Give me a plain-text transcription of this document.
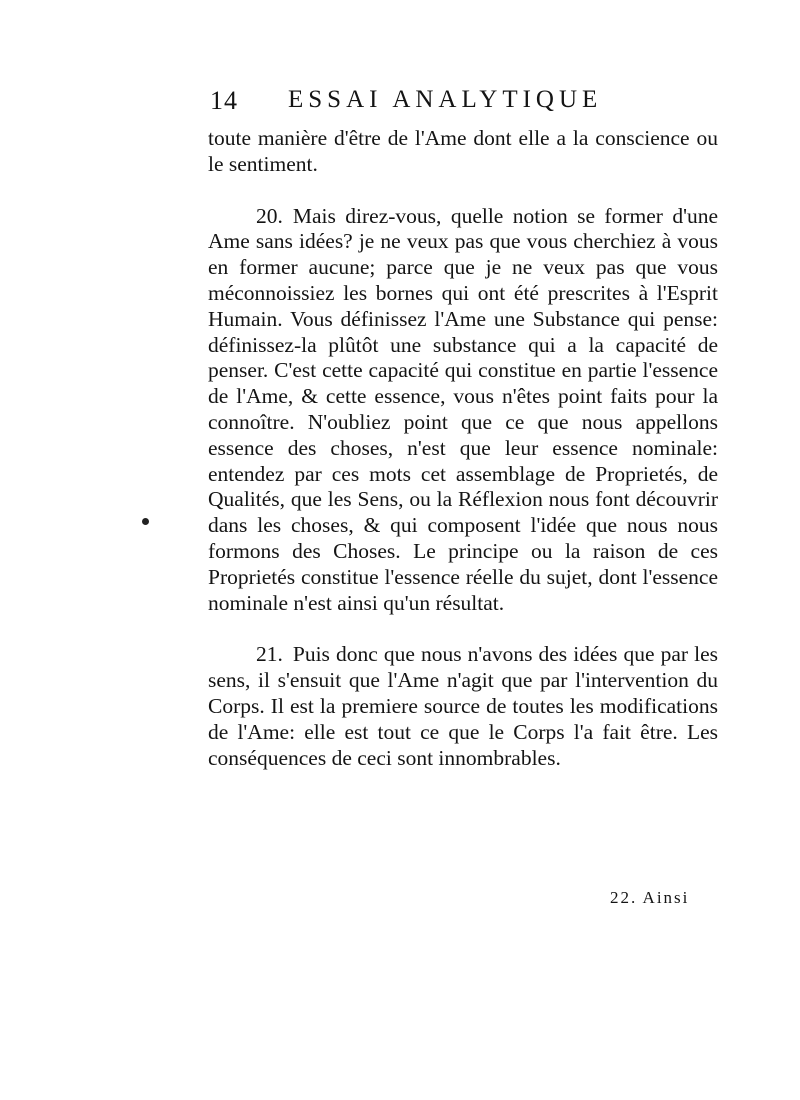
14 ESSAI ANALYTIQUE

toute manière d'être de l'Ame dont elle a la conscience ou le sentiment.

20. Mais direz-vous, quelle notion se former d'une Ame sans idées? je ne veux pas que vous cherchiez à vous en former aucune; parce que je ne veux pas que vous méconnoissiez les bornes qui ont été prescrites à l'Esprit Humain. Vous définissez l'Ame une Substance qui pense: définissez-la plûtôt une substance qui a la capacité de penser. C'est cette capacité qui constitue en partie l'essence de l'Ame, & cette essence, vous n'êtes point faits pour la connoître. N'oubliez point que ce que nous appellons essence des choses, n'est que leur essence nominale: entendez par ces mots cet assemblage de Proprietés, de Qualités, que les Sens, ou la Réflexion nous font découvrir dans les choses, & qui composent l'idée que nous nous formons des Choses. Le principe ou la raison de ces Proprietés constitue l'essence réelle du sujet, dont l'essence nominale n'est ainsi qu'un résultat.

21. Puis donc que nous n'avons des idées que par les sens, il s'ensuit que l'Ame n'agit que par l'intervention du Corps. Il est la premiere source de toutes les modifications de l'Ame: elle est tout ce que le Corps l'a fait être. Les conséquences de ceci sont innombrables.

22. Ainsi
